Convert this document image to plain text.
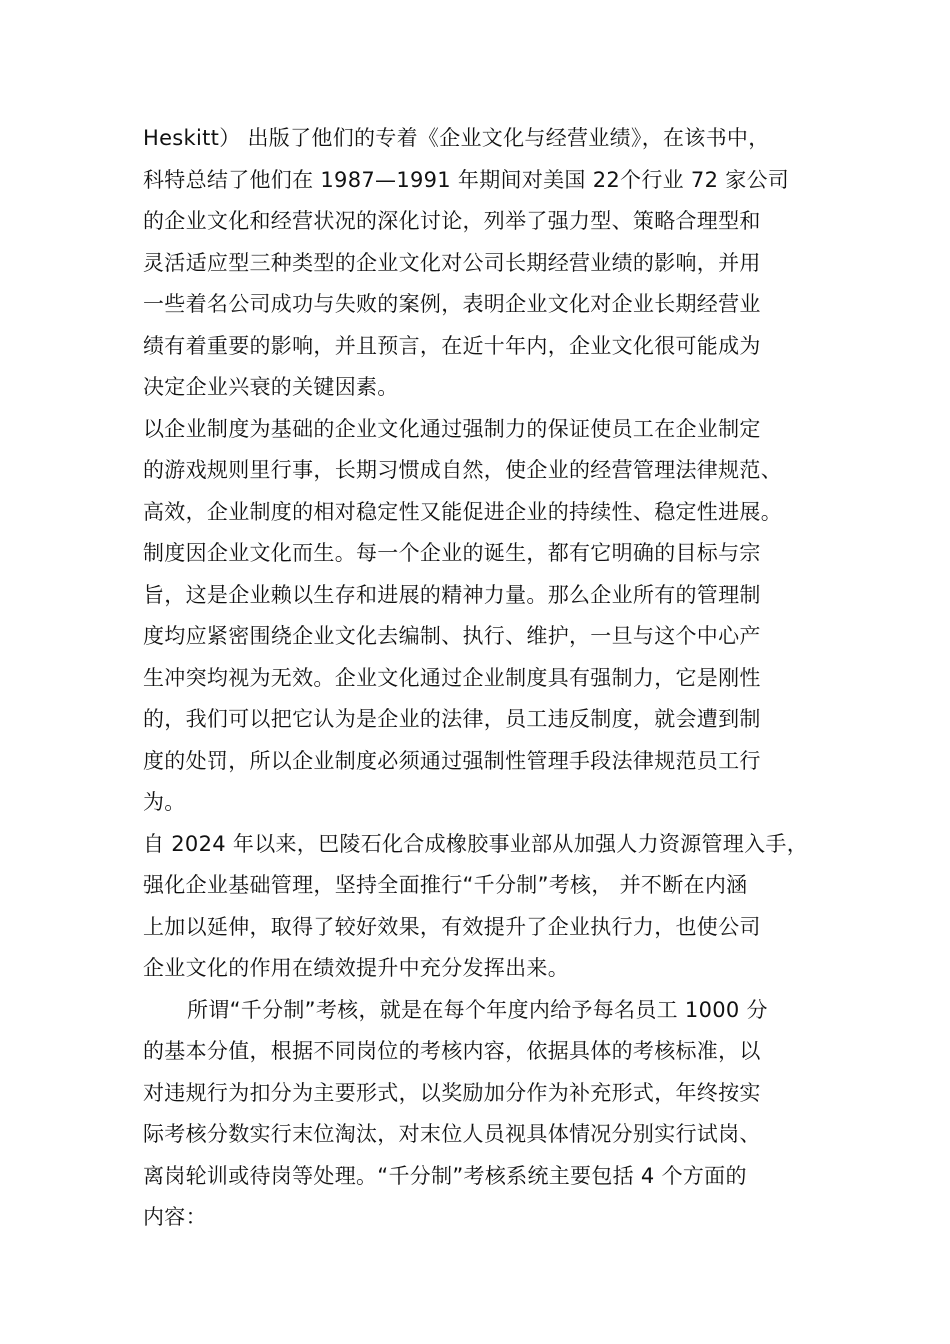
Heskitt） 出版了他们的专着《企业文化与经营业绩》，在该书中，
科特总结了他们在 1987—1991 年期间对美国 22个行业 72 家公司
的企业文化和经营状况的深化讨论，列举了强力型、策略合理型和
灵活适应型三种类型的企业文化对公司长期经营业绩的影响，并用
一些着名公司成功与失败的案例，表明企业文化对企业长期经营业
绩有着重要的影响，并且预言，在近十年内，企业文化很可能成为
决定企业兴衰的关键因素。
以企业制度为基础的企业文化通过强制力的保证使员工在企业制定
的游戏规则里行事，长期习惯成自然，使企业的经营管理法律规范、
高效，企业制度的相对稳定性又能促进企业的持续性、稳定性进展。
制度因企业文化而生。每一个企业的诞生，都有它明确的目标与宗
旨，这是企业赖以生存和进展的精神力量。那么企业所有的管理制
度均应紧密围绕企业文化去编制、执行、维护，一旦与这个中心产
生冲突均视为无效。企业文化通过企业制度具有强制力，它是刚性
的，我们可以把它认为是企业的法律，员工违反制度，就会遭到制
度的处罚，所以企业制度必须通过强制性管理手段法律规范员工行
为。
自 2024 年以来，巴陵石化合成橡胶事业部从加强人力资源管理入手，
强化企业基础管理，坚持全面推行“千分制”考核， 并不断在内涵
上加以延伸，取得了较好效果，有效提升了企业执行力，也使公司
企业文化的作用在绩效提升中充分发挥出来。
所谓“千分制”考核，就是在每个年度内给予每名员工 1000 分
的基本分值，根据不同岗位的考核内容，依据具体的考核标准，以
对违规行为扣分为主要形式，以奖励加分作为补充形式，年终按实
际考核分数实行末位淘汰，对末位人员视具体情况分别实行试岗、
离岗轮训或待岗等处理。“千分制”考核系统主要包括 4 个方面的
内容：
